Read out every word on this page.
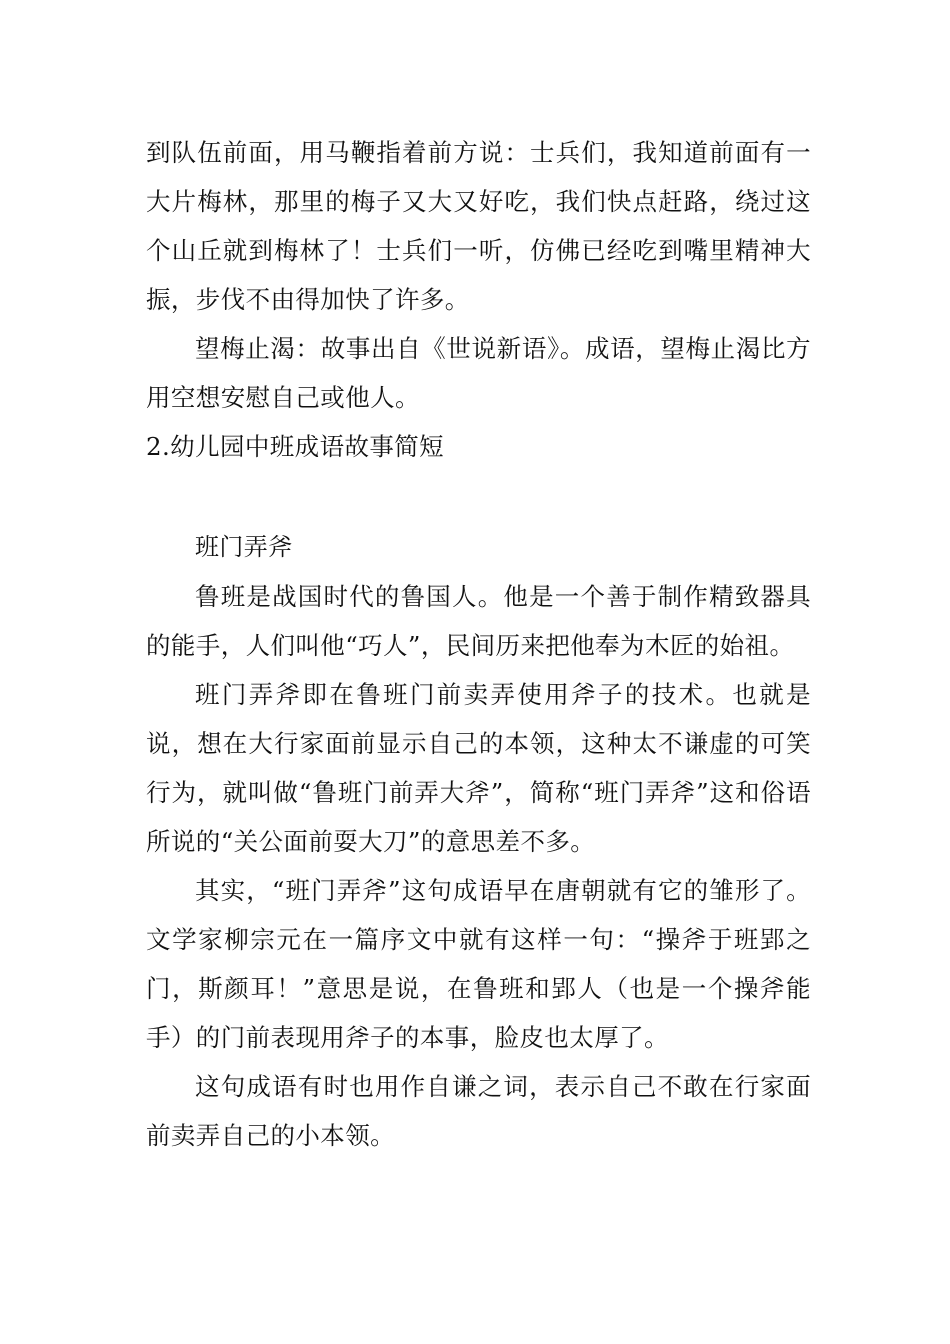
到队伍前面，用马鞭指着前方说：士兵们，我知道前面有一大片梅林，那里的梅子又大又好吃，我们快点赶路，绕过这个山丘就到梅林了！士兵们一听，仿佛已经吃到嘴里精神大振，步伐不由得加快了许多。

望梅止渴：故事出自《世说新语》。成语，望梅止渴比方用空想安慰自己或他人。

2.幼儿园中班成语故事简短

班门弄斧

鲁班是战国时代的鲁国人。他是一个善于制作精致器具的能手，人们叫他“巧人”，民间历来把他奉为木匠的始祖。

班门弄斧即在鲁班门前卖弄使用斧子的技术。也就是说，想在大行家面前显示自己的本领，这种太不谦虚的可笑行为，就叫做“鲁班门前弄大斧”，简称“班门弄斧”这和俗语所说的“关公面前耍大刀”的意思差不多。

其实，“班门弄斧”这句成语早在唐朝就有它的雏形了。文学家柳宗元在一篇序文中就有这样一句：“操斧于班郢之门，斯颜耳！”意思是说，在鲁班和郢人（也是一个操斧能手）的门前表现用斧子的本事，脸皮也太厚了。

这句成语有时也用作自谦之词，表示自己不敢在行家面前卖弄自己的小本领。
